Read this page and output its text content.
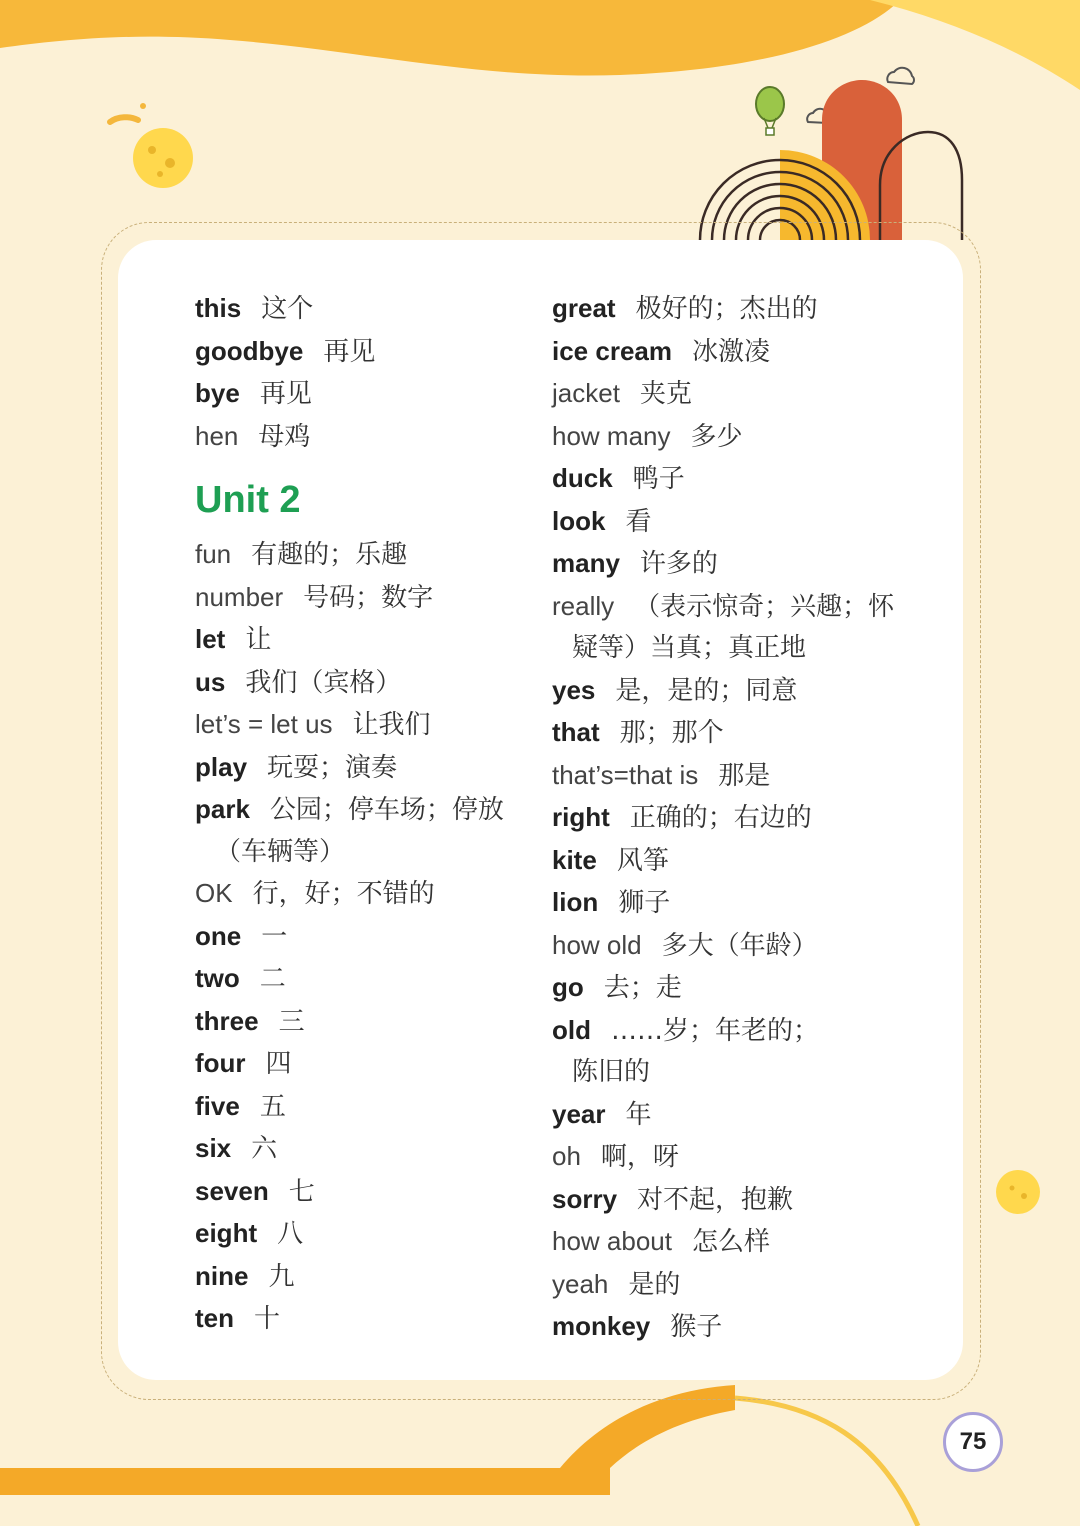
this 这个
goodbye 再见
bye 再见
hen 母鸡
Unit 2
fun 有趣的；乐趣
number 号码；数字
let 让
us 我们（宾格）
let’s = let us 让我们
play 玩耍；演奏
park 公园；停车场；停放
（车辆等）
OK 行，好；不错的
one 一
two 二
three 三
four 四
five 五
six 六
seven 七
eight 八
nine 九
ten 十
great 极好的；杰出的
ice cream 冰激凌
jacket 夹克
how many 多少
duck 鸭子
look 看
many 许多的
really （表示惊奇；兴趣；怀
疑等）当真；真正地
yes 是，是的；同意
that 那；那个
that’s=that is 那是
right 正确的；右边的
kite 风筝
lion 狮子
how old 多大（年龄）
go 去；走
old ……岁；年老的；
陈旧的
year 年
oh 啊，呀
sorry 对不起，抱歉
how about 怎么样
yeah 是的
monkey 猴子
75
